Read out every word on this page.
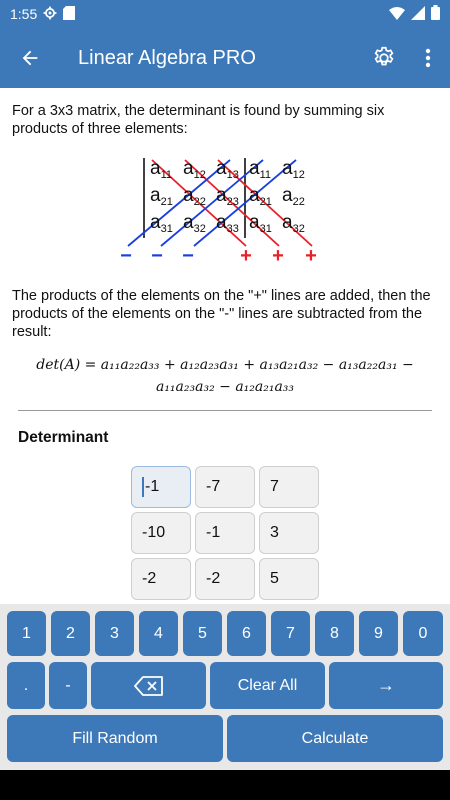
1:55
Linear Algebra PRO
For a 3x3 matrix, the determinant is found by summing six products of three elements:
$a_{11}$ $a_{12}$ $a_{13}$ $a_{11}$ $a_{12}$
$a_{21}$ $a_{22}$ $a_{23}$ $a_{21}$ $a_{22}$
$a_{31}$ $a_{32}$ $a_{33}$ $a_{31}$ $a_{32}$
− − − + + +
The products of the elements on the "+" lines are added, then the products of the elements on the "-" lines are subtracted from the result:
det(A) = a₁₁a₂₂a₃₃ + a₁₂a₂₃a₃₁ + a₁₃a₂₁a₃₂ − a₁₃a₂₂a₃₁ −
a₁₁a₂₃a₃₂ − a₁₂a₂₁a₃₃
Determinant
-1	-7	7
-10	-1	3
-2	-2	5
1	2	3	4	5	6	7	8	9	0
.	-	Clear All	→
Fill Random	Calculate
